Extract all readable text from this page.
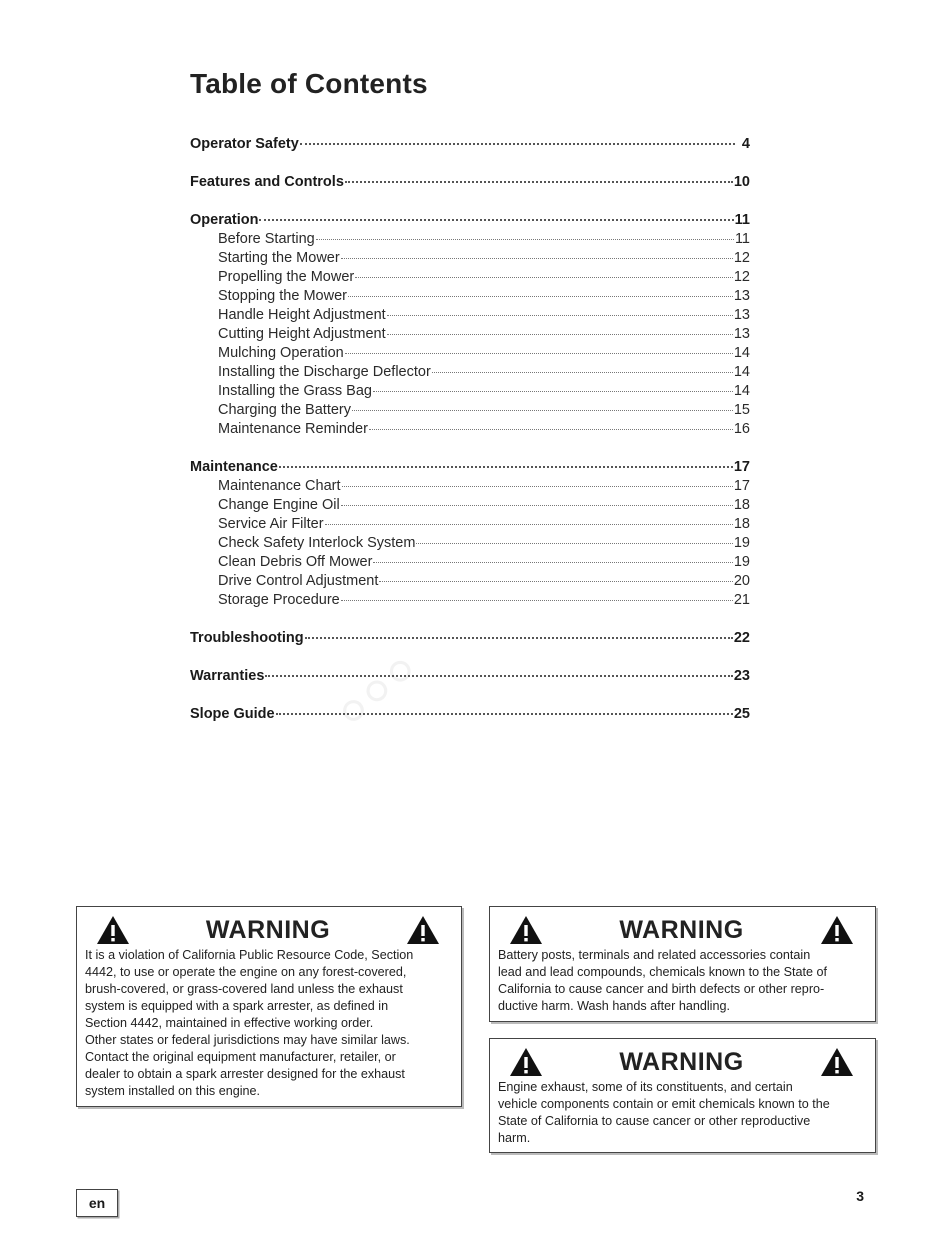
Table of Contents
Operator Safety	4
Features and Controls	10
Operation	11
Before Starting	11
Starting the Mower	12
Propelling the Mower	12
Stopping the Mower	13
Handle Height Adjustment	13
Cutting Height Adjustment	13
Mulching Operation	14
Installing the Discharge Deflector	14
Installing the Grass Bag	14
Charging the Battery	15
Maintenance Reminder	16
Maintenance	17
Maintenance Chart	17
Change Engine Oil	18
Service Air Filter	18
Check Safety Interlock System	19
Clean Debris Off Mower	19
Drive Control Adjustment	20
Storage Procedure	21
Troubleshooting	22
Warranties	23
Slope Guide	25
◦◦◦
WARNING

It is a violation of California Public Resource Code, Section
4442, to use or operate the engine on any forest-covered,
brush-covered, or grass-covered land unless the exhaust
system is equipped with a spark arrester, as defined in
Section 4442, maintained in effective working order.
Other states or federal jurisdictions may have similar laws.
Contact the original equipment manufacturer, retailer, or
dealer to obtain a spark arrester designed for the exhaust
system installed on this engine.

WARNING

Battery posts, terminals and related accessories contain
lead and lead compounds, chemicals known to the State of
California to cause cancer and birth defects or other repro-
ductive harm. Wash hands after handling.

WARNING

Engine exhaust, some of its constituents, and certain
vehicle components contain or emit chemicals known to the
State of California to cause cancer or other reproductive
harm.

en	3
